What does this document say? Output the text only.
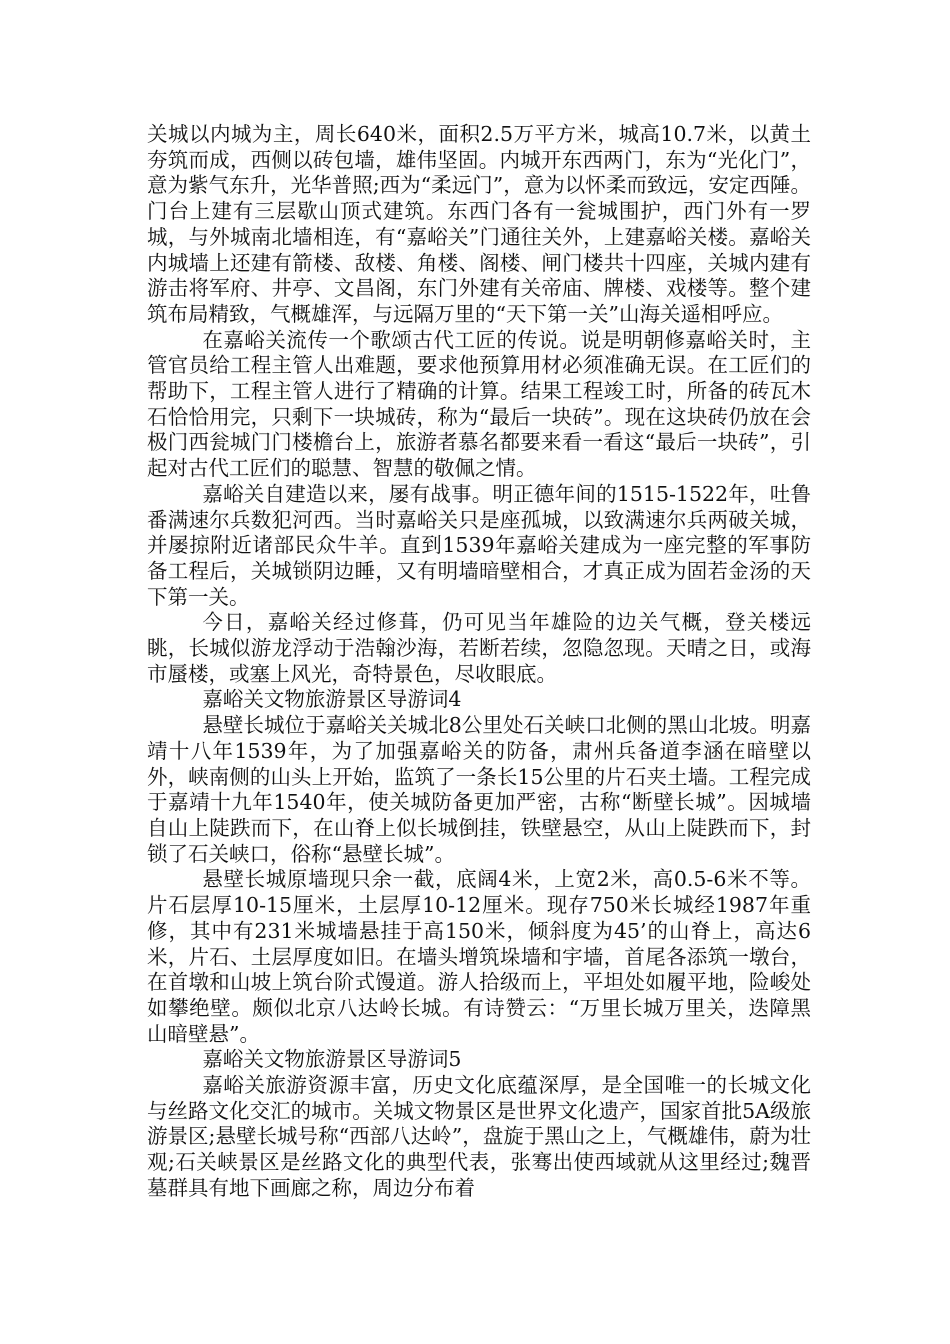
关城以内城为主，周长640米，面积2.5万平方米，城高10.7米，以黄土夯筑而成，西侧以砖包墙，雄伟坚固。内城开东西两门，东为“光化门”，意为紫气东升，光华普照;西为“柔远门”，意为以怀柔而致远，安定西陲。门台上建有三层歇山顶式建筑。东西门各有一瓮城围护，西门外有一罗城，与外城南北墙相连，有“嘉峪关”门通往关外，上建嘉峪关楼。嘉峪关内城墙上还建有箭楼、敌楼、角楼、阁楼、闸门楼共十四座，关城内建有游击将军府、井亭、文昌阁，东门外建有关帝庙、牌楼、戏楼等。整个建筑布局精致，气概雄浑，与远隔万里的“天下第一关”山海关遥相呼应。

在嘉峪关流传一个歌颂古代工匠的传说。说是明朝修嘉峪关时，主管官员给工程主管人出难题，要求他预算用材必须准确无误。在工匠们的帮助下，工程主管人进行了精确的计算。结果工程竣工时，所备的砖瓦木石恰恰用完，只剩下一块城砖，称为“最后一块砖”。现在这块砖仍放在会极门西瓮城门门楼檐台上，旅游者慕名都要来看一看这“最后一块砖”，引起对古代工匠们的聪慧、智慧的敬佩之情。

嘉峪关自建造以来，屡有战事。明正德年间的1515-1522年，吐鲁番满速尔兵数犯河西。当时嘉峪关只是座孤城，以致满速尔兵两破关城，并屡掠附近诸部民众牛羊。直到1539年嘉峪关建成为一座完整的军事防备工程后，关城锁阴边睡，又有明墙暗壁相合，才真正成为固若金汤的天下第一关。

今日，嘉峪关经过修葺，仍可见当年雄险的边关气概，登关楼远眺，长城似游龙浮动于浩翰沙海，若断若续，忽隐忽现。天晴之日，或海市蜃楼，或塞上风光，奇特景色，尽收眼底。

嘉峪关文物旅游景区导游词4

悬壁长城位于嘉峪关关城北8公里处石关峡口北侧的黑山北坡。明嘉靖十八年1539年，为了加强嘉峪关的防备，肃州兵备道李涵在暗壁以外，峡南侧的山头上开始，监筑了一条长15公里的片石夹土墙。工程完成于嘉靖十九年1540年，使关城防备更加严密，古称“断壁长城”。因城墙自山上陡跌而下，在山脊上似长城倒挂，铁壁悬空，从山上陡跌而下，封锁了石关峡口，俗称“悬壁长城”。

悬壁长城原墙现只余一截，底阔4米，上宽2米，高0.5-6米不等。片石层厚10-15厘米，土层厚10-12厘米。现存750米长城经1987年重修，其中有231米城墙悬挂于高150米，倾斜度为45’的山脊上，高达6米，片石、土层厚度如旧。在墙头增筑垛墙和宇墙，首尾各添筑一墩台，在首墩和山坡上筑台阶式馒道。游人拾级而上，平坦处如履平地，险峻处如攀绝壁。颇似北京八达岭长城。有诗赞云：“万里长城万里关，迭障黑山暗壁悬”。

嘉峪关文物旅游景区导游词5

嘉峪关旅游资源丰富，历史文化底蕴深厚，是全国唯一的长城文化与丝路文化交汇的城市。关城文物景区是世界文化遗产，国家首批5A级旅游景区;悬壁长城号称“西部八达岭”，盘旋于黑山之上，气概雄伟，蔚为壮观;石关峡景区是丝路文化的典型代表，张骞出使西域就从这里经过;魏晋墓群具有地下画廊之称，周边分布着
